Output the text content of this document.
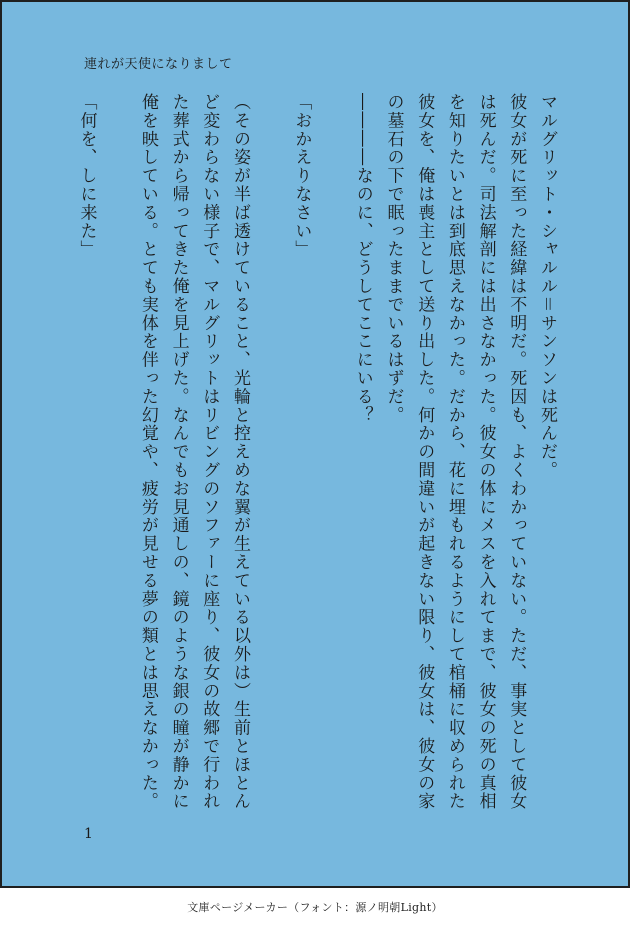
連れが天使になりまして
マルグリット・シャルル＝サンソンは死んだ。
彼女が死に至った経緯は不明だ。死因も、よくわかっていない。ただ、事実として彼女
は死んだ。司法解剖には出さなかった。彼女の体にメスを入れてまで、彼女の死の真相
を知りたいとは到底思えなかった。だから、花に埋もれるようにして棺桶に収められた
彼女を、俺は喪主として送り出した。何かの間違いが起きない限り、彼女は、彼女の家
の墓石の下で眠ったままでいるはずだ。
――――なのに、どうしてここにいる？
「おかえりなさい」
（その姿が半ば透けていること、光輪と控えめな翼が生えている以外は）生前とほとん
ど変わらない様子で、マルグリットはリビングのソファーに座り、彼女の故郷で行われ
た葬式から帰ってきた俺を見上げた。なんでもお見通しの、鏡のような銀の瞳が静かに
俺を映している。とても実体を伴った幻覚や、疲労が見せる夢の類とは思えなかった。
「何を、しに来た」
1
文庫ページメーカー（フォント：源ノ明朝Light）
